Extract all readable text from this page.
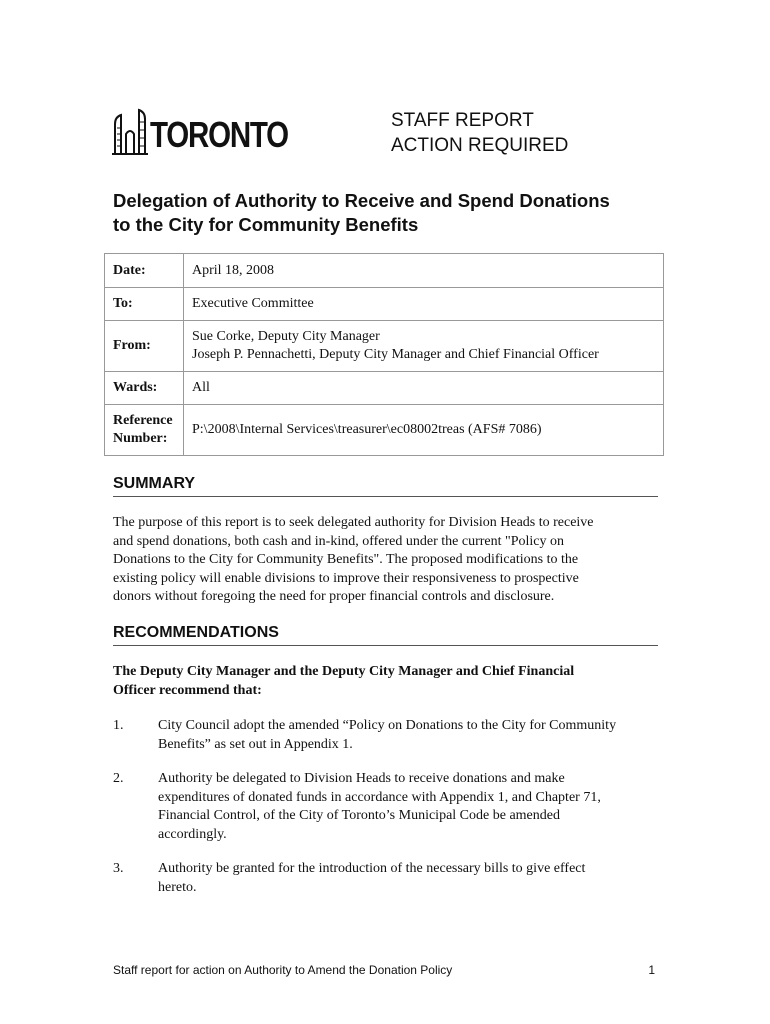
TORONTO	STAFF REPORT
ACTION REQUIRED
Delegation of Authority to Receive and Spend Donations
to the City for Community Benefits
Date:	April 18, 2008
To:	Executive Committee
From:	Sue Corke, Deputy City Manager
Joseph P. Pennachetti, Deputy City Manager and Chief Financial Officer

Wards:	All

Reference
Number:	P:\2008\Internal Services\treasurer\ec08002treas (AFS# 7086)
SUMMARY
The purpose of this report is to seek delegated authority for Division Heads to receive
and spend donations, both cash and in-kind, offered under the current "Policy on
Donations to the City for Community Benefits". The proposed modifications to the
existing policy will enable divisions to improve their responsiveness to prospective
donors without foregoing the need for proper financial controls and disclosure.
RECOMMENDATIONS
The Deputy City Manager and the Deputy City Manager and Chief Financial
Officer recommend that:
1. City Council adopt the amended “Policy on Donations to the City for Community
Benefits” as set out in Appendix 1.
2. Authority be delegated to Division Heads to receive donations and make
expenditures of donated funds in accordance with Appendix 1, and Chapter 71,
Financial Control, of the City of Toronto’s Municipal Code be amended
accordingly.
3. Authority be granted for the introduction of the necessary bills to give effect
hereto.
Staff report for action on Authority to Amend the Donation Policy	1
